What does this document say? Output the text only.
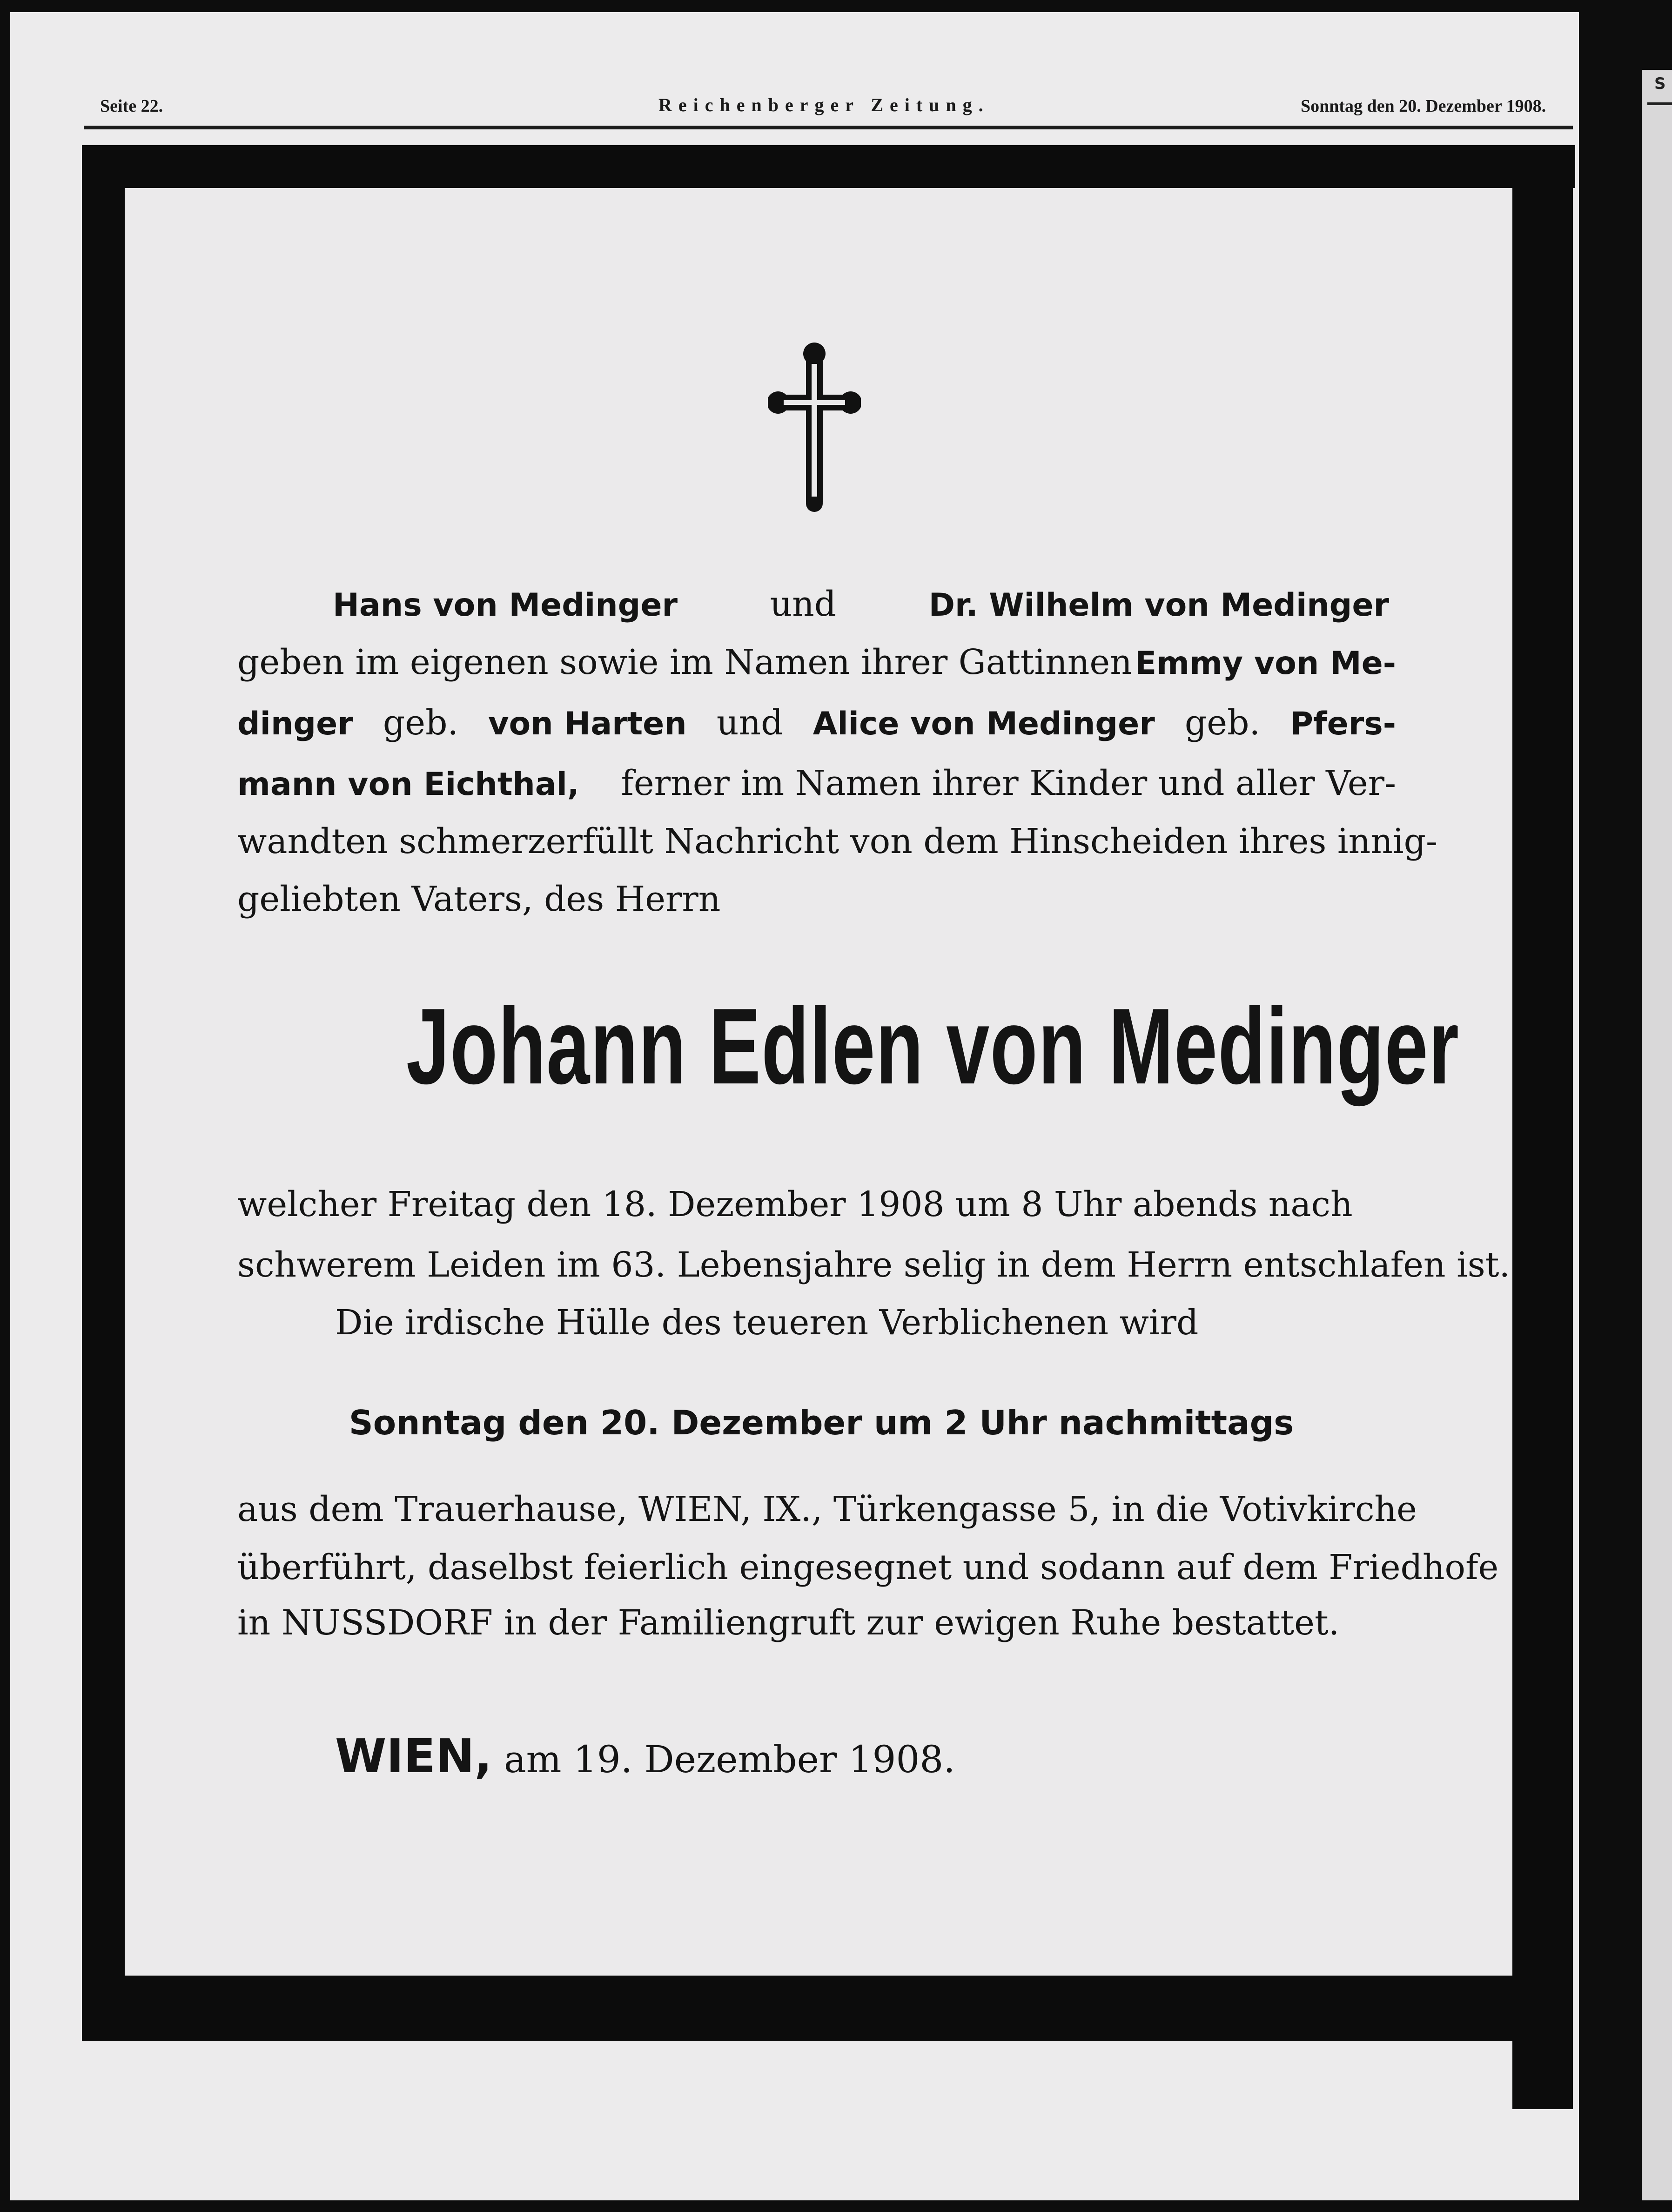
S
Seite 22.	Reichenberger Zeitung.	Sonntag den 20. Dezember 1908.
Hans von Medinger	und	Dr. Wilhelm von Medinger
geben im eigenen sowie im Namen ihrer Gattinnen Emmy von Me-
dinger geb. von Harten und Alice von Medinger geb. Pfers-
mann von Eichthal, ferner im Namen ihrer Kinder und aller Ver-
wandten schmerzerfüllt Nachricht von dem Hinscheiden ihres innig-
geliebten Vaters, des Herrn
Johann Edlen von Medinger
welcher Freitag den 18. Dezember 1908 um 8 Uhr abends nach
schwerem Leiden im 63. Lebensjahre selig in dem Herrn entschlafen ist.
Die irdische Hülle des teueren Verblichenen wird
Sonntag den 20. Dezember um 2 Uhr nachmittags
aus dem Trauerhause, WIEN, IX., Türkengasse 5, in die Votivkirche
überführt, daselbst feierlich eingesegnet und sodann auf dem Friedhofe
in NUSSDORF in der Familiengruft zur ewigen Ruhe bestattet.
WIEN, am 19. Dezember 1908.
